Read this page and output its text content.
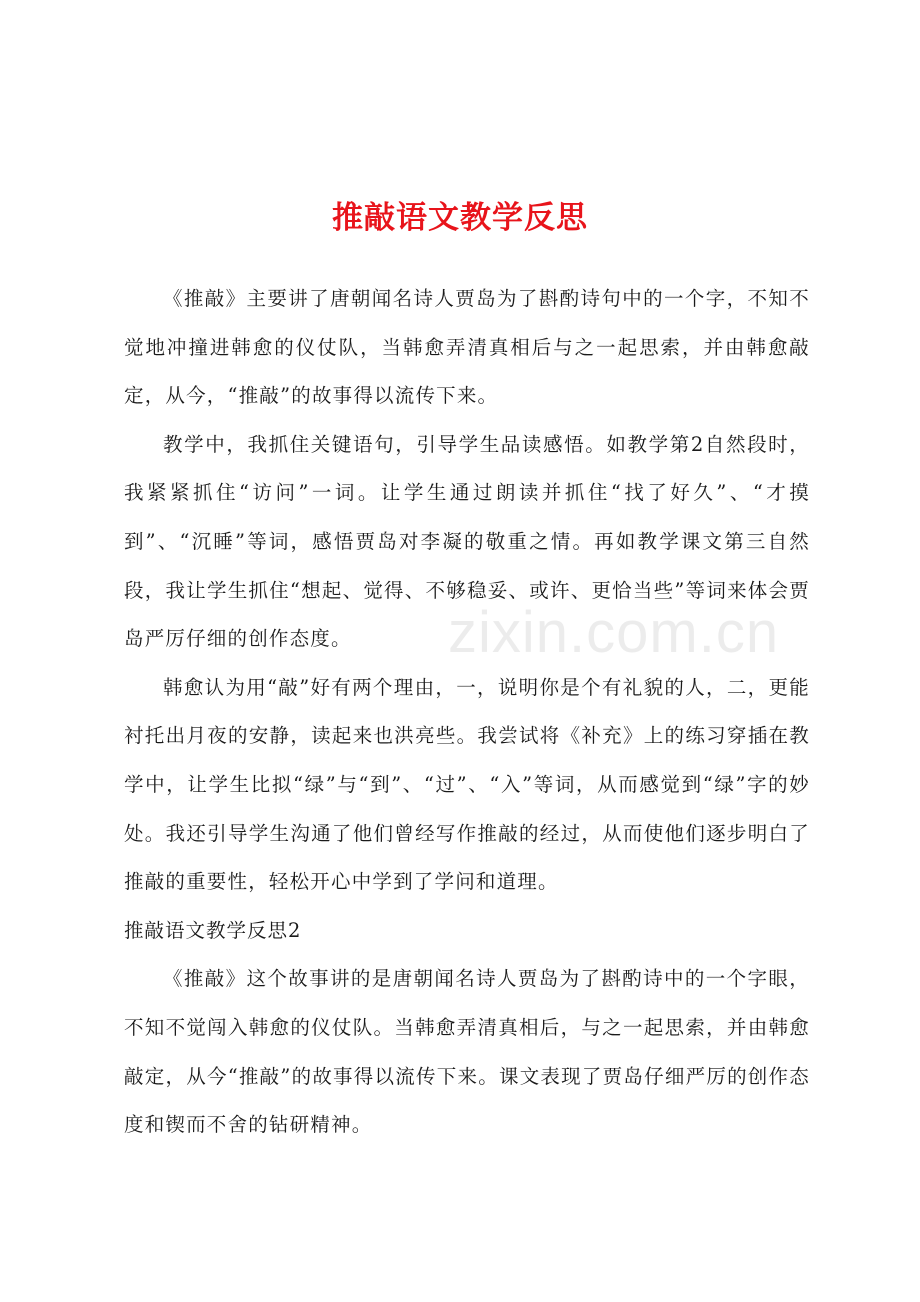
推敲语文教学反思

《推敲》主要讲了唐朝闻名诗人贾岛为了斟酌诗句中的一个字，不知不觉地冲撞进韩愈的仪仗队，当韩愈弄清真相后与之一起思索，并由韩愈敲定，从今，“推敲”的故事得以流传下来。

教学中，我抓住关键语句，引导学生品读感悟。如教学第2自然段时，我紧紧抓住“访问”一词。让学生通过朗读并抓住“找了好久”、“才摸到”、“沉睡”等词，感悟贾岛对李凝的敬重之情。再如教学课文第三自然段，我让学生抓住“想起、觉得、不够稳妥、或许、更恰当些”等词来体会贾岛严厉仔细的创作态度。

韩愈认为用“敲”好有两个理由，一，说明你是个有礼貌的人，二，更能衬托出月夜的安静，读起来也洪亮些。我尝试将《补充》上的练习穿插在教学中，让学生比拟“绿”与“到”、“过”、“入”等词，从而感觉到“绿”字的妙处。我还引导学生沟通了他们曾经写作推敲的经过，从而使他们逐步明白了推敲的重要性，轻松开心中学到了学问和道理。

推敲语文教学反思2

《推敲》这个故事讲的是唐朝闻名诗人贾岛为了斟酌诗中的一个字眼，不知不觉闯入韩愈的仪仗队。当韩愈弄清真相后，与之一起思索，并由韩愈敲定，从今“推敲”的故事得以流传下来。课文表现了贾岛仔细严厉的创作态度和锲而不舍的钻研精神。

zixin.com.cn
